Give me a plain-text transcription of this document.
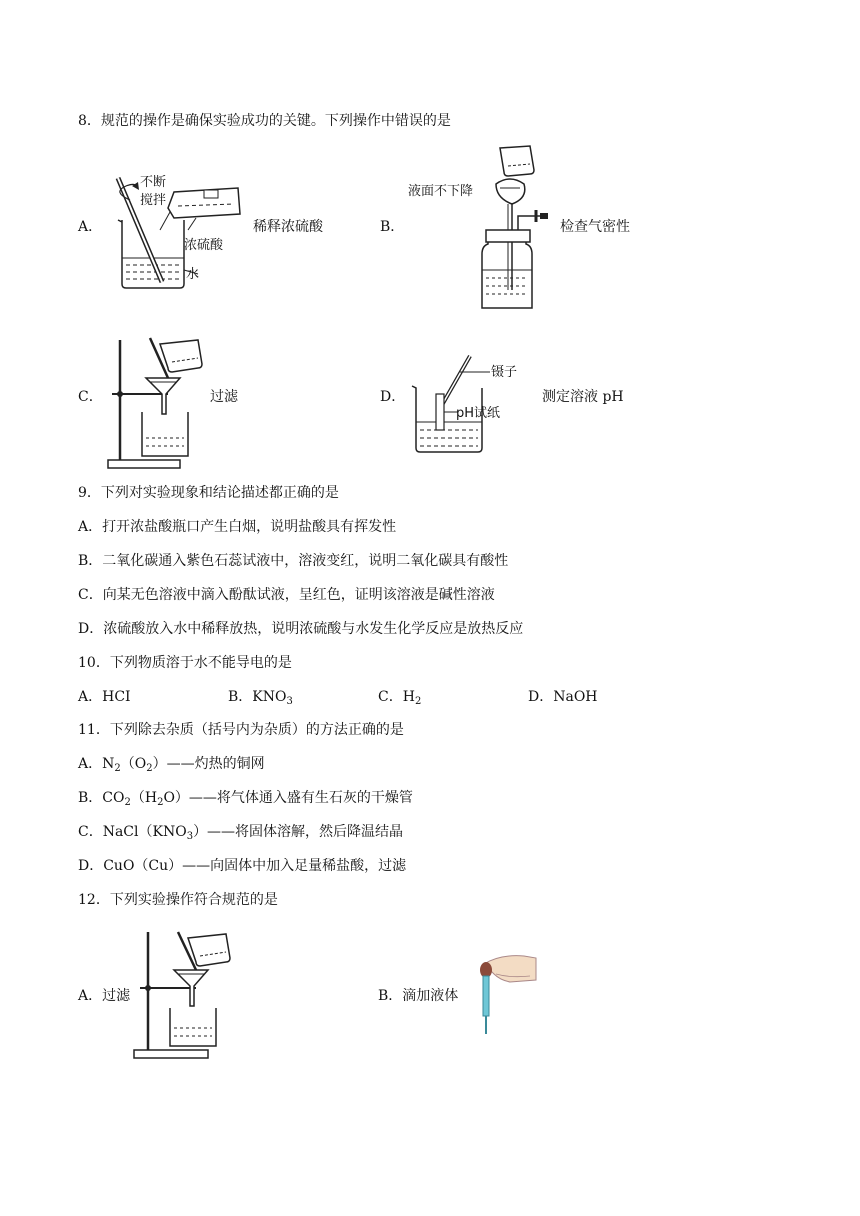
8．规范的操作是确保实验成功的关键。下列操作中错误的是
A．
不断
搅拌
浓硫酸
水
稀释浓硫酸	B．
液面不下降
检查气密性
C．	过滤	D．
镊子
pH试纸
测定溶液 pH
9．下列对实验现象和结论描述都正确的是
A．打开浓盐酸瓶口产生白烟，说明盐酸具有挥发性
B．二氧化碳通入紫色石蕊试液中，溶液变红，说明二氧化碳具有酸性
C．向某无色溶液中滴入酚酞试液，呈红色，证明该溶液是碱性溶液
D．浓硫酸放入水中稀释放热，说明浓硫酸与水发生化学反应是放热反应
10．下列物质溶于水不能导电的是
A．HCI	B．$KNO_3$	C．$H_2$	D．NaOH
11．下列除去杂质（括号内为杂质）的方法正确的是
A．$N_2(O_2)——$灼热的铜网
B．$CO_2(H_2O)——$将气体通入盛有生石灰的干燥管
C．$NaCl(KNO_3)——$将固体溶解，然后降温结晶
D．CuO（Cu）——向固体中加入足量稀盐酸，过滤
12．下列实验操作符合规范的是
A．过滤	B．滴加液体
